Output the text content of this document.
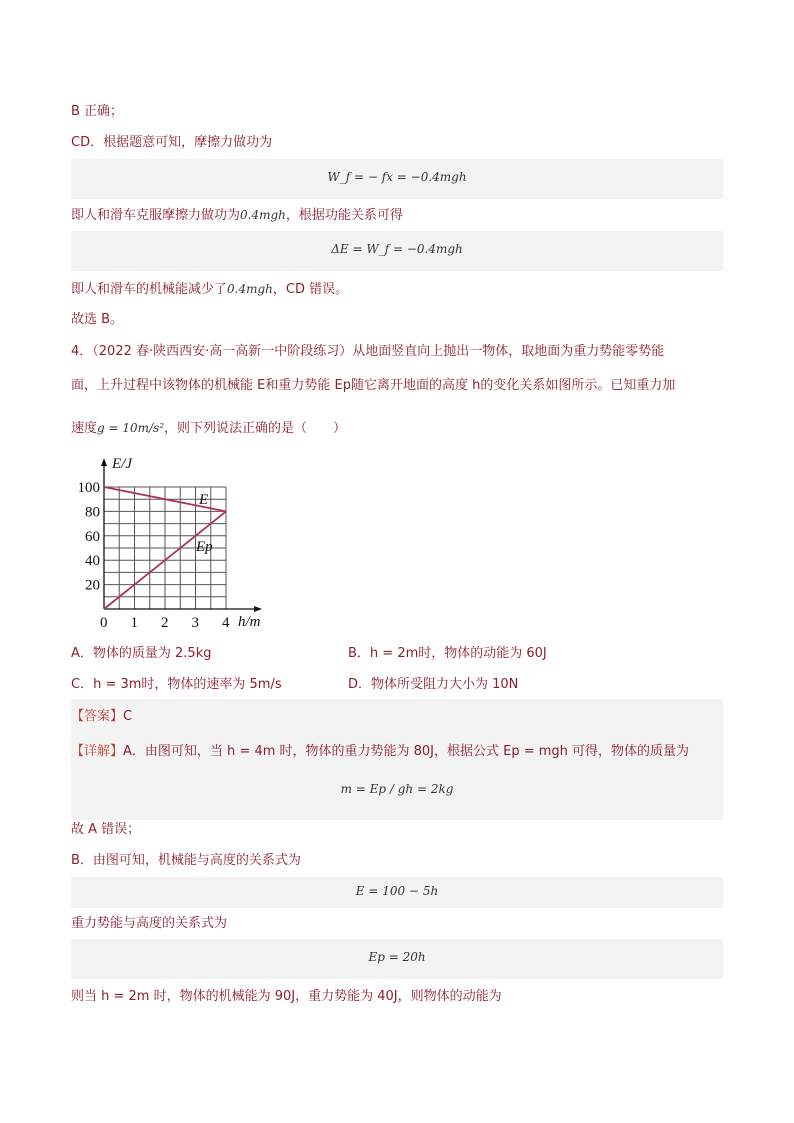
B 正确；
CD．根据题意可知，摩擦力做功为
W_f = − fx = −0.4mgh
即人和滑车克服摩擦力做功为0.4mgh，根据功能关系可得
ΔE = W_f = −0.4mgh
即人和滑车的机械能减少了0.4mgh，CD 错误。
故选 B。
4．（2022 春·陕西西安·高一高新一中阶段练习）从地面竖直向上抛出一物体，取地面为重力势能零势能
面，上升过程中该物体的机械能 E和重力势能 Ep随它离开地面的高度 h的变化关系如图所示。已知重力加
速度g = 10m/s²，则下列说法正确的是（　　）
0 1 2 3 4
20
40
60
80
100
E/J
h/m
E
Ep
A．物体的质量为 2.5kg	B．h = 2m时，物体的动能为 60J
C．h = 3m时，物体的速率为 5m/s	D．物体所受阻力大小为 10N
【答案】C
【详解】A．由图可知，当 h = 4m 时，物体的重力势能为 80J，根据公式 Ep = mgh 可得，物体的质量为
m = Ep / gh = 2kg
故 A 错误；
B．由图可知，机械能与高度的关系式为
E = 100 − 5h
重力势能与高度的关系式为
Ep = 20h
则当 h = 2m 时，物体的机械能为 90J，重力势能为 40J，则物体的动能为
